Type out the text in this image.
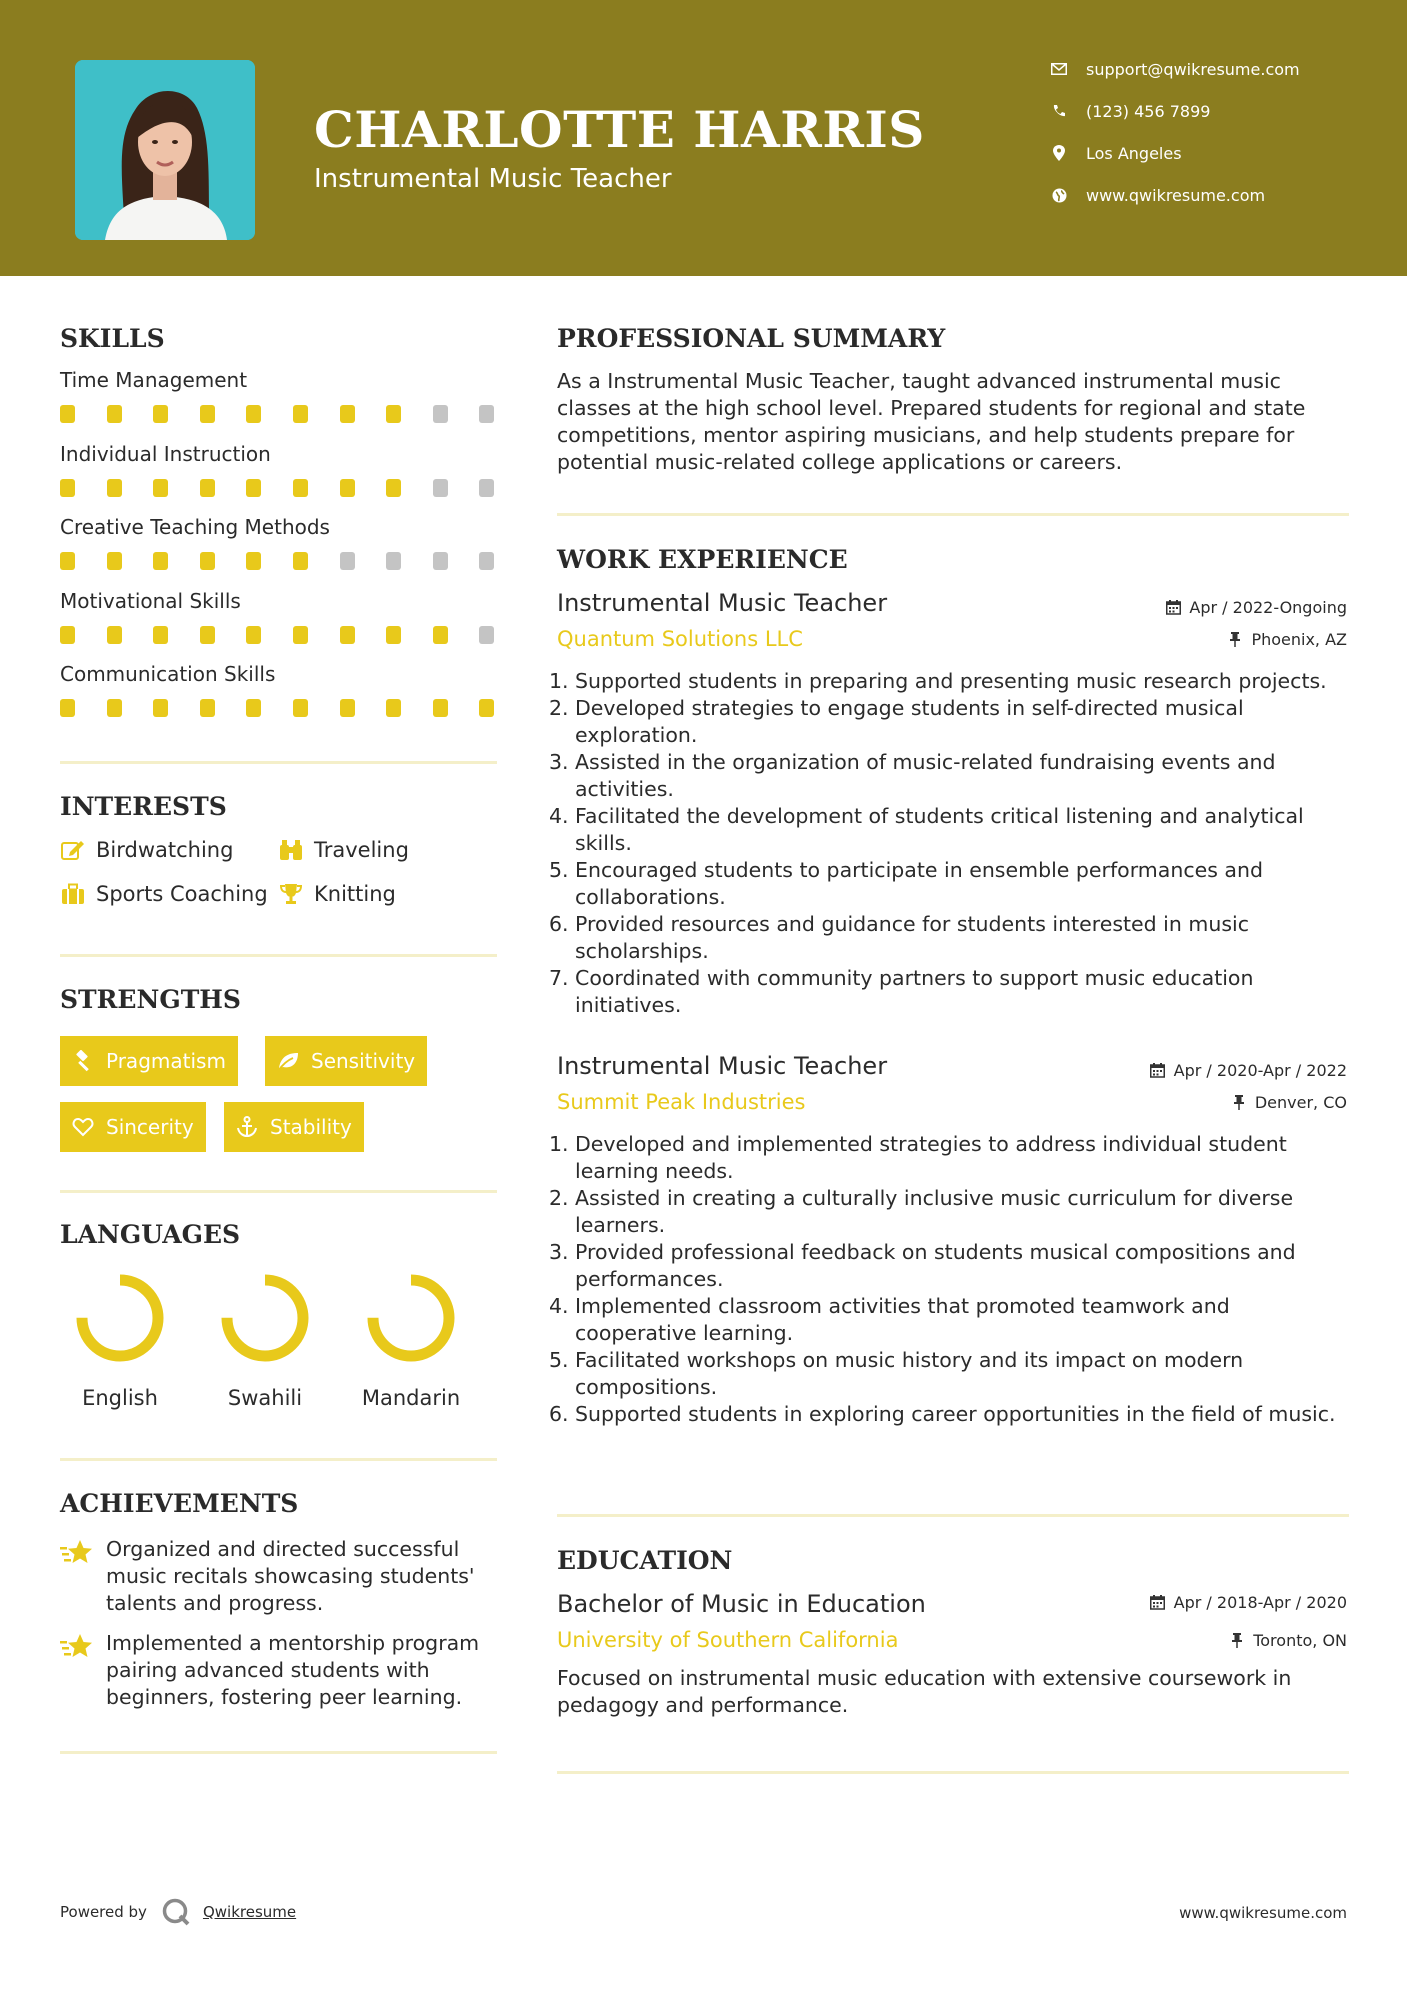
CHARLOTTE HARRIS
Instrumental Music Teacher
support@qwikresume.com
(123) 456 7899
Los Angeles
www.qwikresume.com
SKILLS
Time Management
Individual Instruction
Creative Teaching Methods
Motivational Skills
Communication Skills
INTERESTS
Birdwatching	Traveling
Sports Coaching Knitting
STRENGTHS
Pragmatism	Sensitivity
Sincerity	Stability
LANGUAGES
English	Swahili	Mandarin
ACHIEVEMENTS
Organized and directed successful music recitals showcasing students' talents and progress.
Implemented a mentorship program pairing advanced students with beginners, fostering peer learning.
PROFESSIONAL SUMMARY
As a Instrumental Music Teacher, taught advanced instrumental music classes at the high school level. Prepared students for regional and state competitions, mentor aspiring musicians, and help students prepare for potential music-related college applications or careers.
WORK EXPERIENCE
Instrumental Music Teacher	Apr / 2022-Ongoing
Quantum Solutions LLC	Phoenix, AZ
Supported students in preparing and presenting music research projects.
Developed strategies to engage students in self-directed musical exploration.
Assisted in the organization of music-related fundraising events and activities.
Facilitated the development of students critical listening and analytical skills.
Encouraged students to participate in ensemble performances and collaborations.
Provided resources and guidance for students interested in music scholarships.
Coordinated with community partners to support music education initiatives.
Instrumental Music Teacher	Apr / 2020-Apr / 2022
Summit Peak Industries	Denver, CO
Developed and implemented strategies to address individual student learning needs.
Assisted in creating a culturally inclusive music curriculum for diverse learners.
Provided professional feedback on students musical compositions and performances.
Implemented classroom activities that promoted teamwork and cooperative learning.
Facilitated workshops on music history and its impact on modern compositions.
Supported students in exploring career opportunities in the field of music.
EDUCATION
Bachelor of Music in Education	Apr / 2018-Apr / 2020
University of Southern California	Toronto, ON
Focused on instrumental music education with extensive coursework in pedagogy and performance.
Powered by	Qwikresume	www.qwikresume.com
